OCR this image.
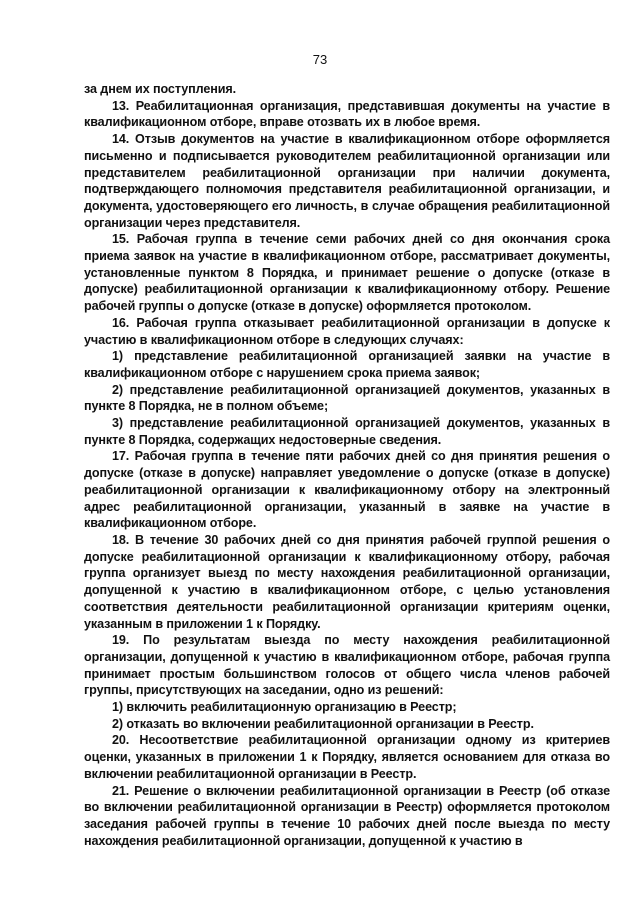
73

за днем их поступления.

13. Реабилитационная организация, представившая документы на участие в квалификационном отборе, вправе отозвать их в любое время.

14. Отзыв документов на участие в квалификационном отборе оформляется письменно и подписывается руководителем реабилитационной организации или представителем реабилитационной организации при наличии документа, подтверждающего полномочия представителя реабилитационной организации, и документа, удостоверяющего его личность, в случае обращения реабилитационной организации через представителя.

15. Рабочая группа в течение семи рабочих дней со дня окончания срока приема заявок на участие в квалификационном отборе, рассматривает документы, установленные пунктом 8 Порядка, и принимает решение о допуске (отказе в допуске) реабилитационной организации к квалификационному отбору. Решение рабочей группы о допуске (отказе в допуске) оформляется протоколом.

16. Рабочая группа отказывает реабилитационной организации в допуске к участию в квалификационном отборе в следующих случаях:

1) представление реабилитационной организацией заявки на участие в квалификационном отборе с нарушением срока приема заявок;

2) представление реабилитационной организацией документов, указанных в пункте 8 Порядка, не в полном объеме;

3) представление реабилитационной организацией документов, указанных в пункте 8 Порядка, содержащих недостоверные сведения.

17. Рабочая группа в течение пяти рабочих дней со дня принятия решения о допуске (отказе в допуске) направляет уведомление о допуске (отказе в допуске) реабилитационной организации к квалификационному отбору на электронный адрес реабилитационной организации, указанный в заявке на участие в квалификационном отборе.

18. В течение 30 рабочих дней со дня принятия рабочей группой решения о допуске реабилитационной организации к квалификационному отбору, рабочая группа организует выезд по месту нахождения реабилитационной организации, допущенной к участию в квалификационном отборе, с целью установления соответствия деятельности реабилитационной организации критериям оценки, указанным в приложении 1 к Порядку.

19. По результатам выезда по месту нахождения реабилитационной организации, допущенной к участию в квалификационном отборе, рабочая группа принимает простым большинством голосов от общего числа членов рабочей группы, присутствующих на заседании, одно из решений:

1) включить реабилитационную организацию в Реестр;

2) отказать во включении реабилитационной организации в Реестр.

20. Несоответствие реабилитационной организации одному из критериев оценки, указанных в приложении 1 к Порядку, является основанием для отказа во включении реабилитационной организации в Реестр.

21. Решение о включении реабилитационной организации в Реестр (об отказе во включении реабилитационной организации в Реестр) оформляется протоколом заседания рабочей группы в течение 10 рабочих дней после выезда по месту нахождения реабилитационной организации, допущенной к участию в
